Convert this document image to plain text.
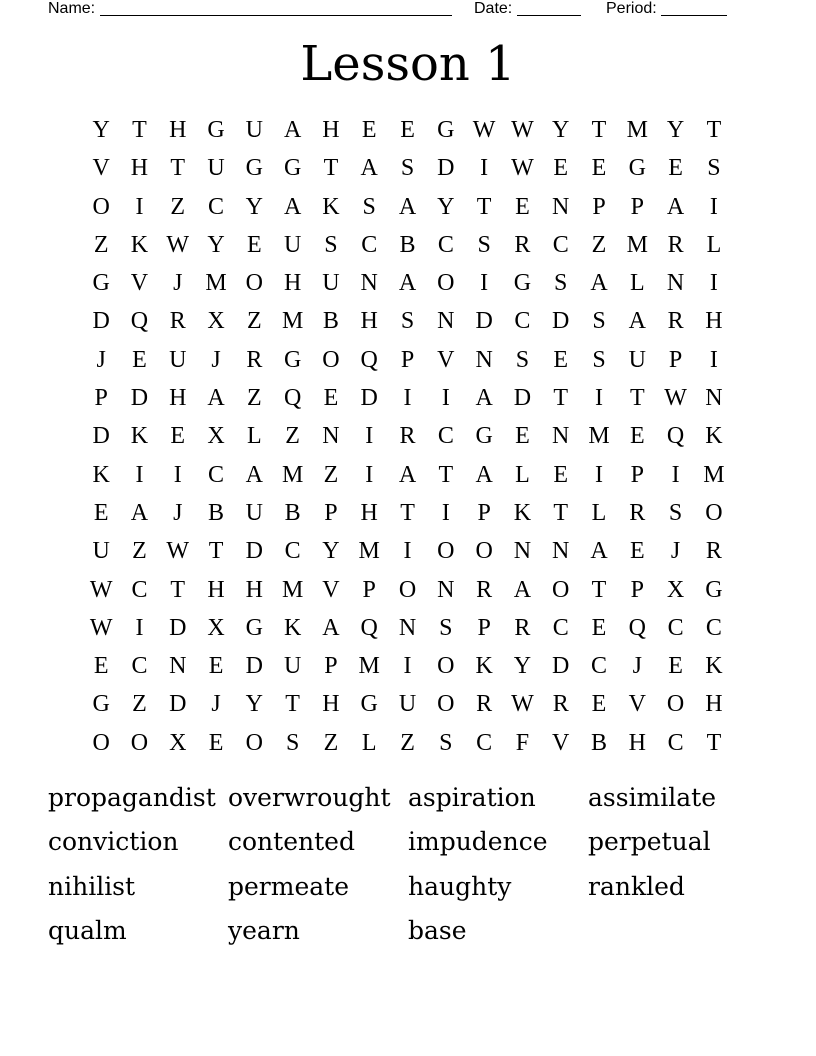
Name:	Date:	Period:
Lesson 1
Y T H G U A H E E G W W Y T M Y T
V H T U G G T A S D	I W E E G E	S
O	I	Z C Y A K S A Y T E N P	P A	I
Z K W Y E U S C B C S R C Z M R L
G V	J M O H U N A O	I	G S A L N	I
D Q R X Z M B H S N D C D S A R H
J	E U	J	R G O Q P V N S	E	S U P	I
P D H A Z Q E D	I	I	A D T	I	T W N
D K E X L Z N	I	R C G E N M E Q K
K	I	I	C A M Z	I	A T A L E	I	P	I M
E A	J	B U B P H T	I	P K T L R S O
U Z W T D C Y M I	O O N N A E	J	R
W C T H H M V P O N R A O T	P X G
W I	D X G K A Q N S	P R C E Q C C
E C N E D U P M I	O K Y D C	J	E K
G Z D	J	Y T H G U O R W R E V O H
O O X E O S	Z L Z	S C F V B H C T
propagandist overwrought aspiration	assimilate
conviction	contented	impudence	perpetual
nihilist	permeate	haughty	rankled
qualm	yearn	base
